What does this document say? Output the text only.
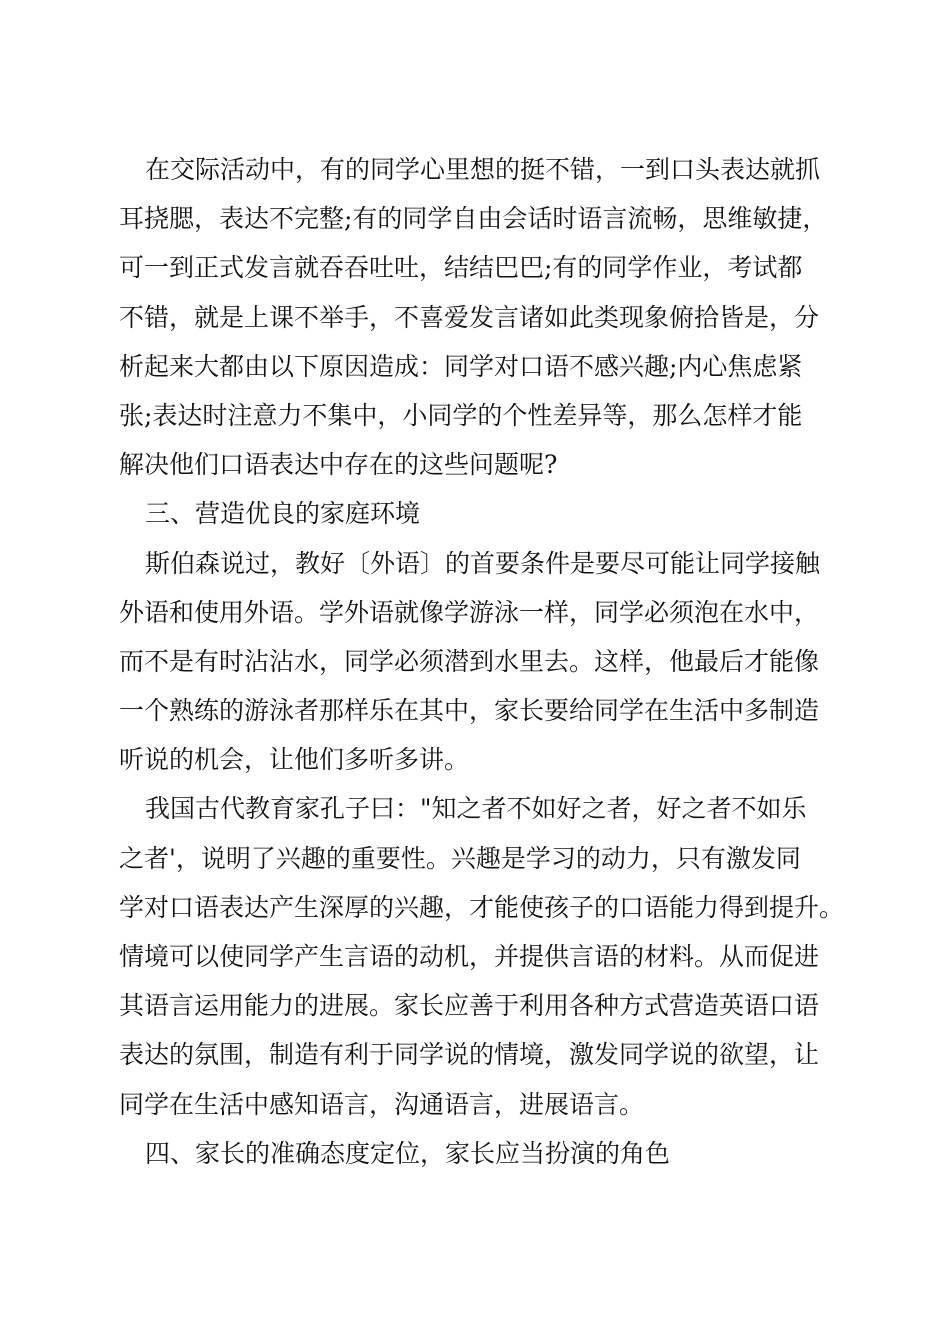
在交际活动中，有的同学心里想的挺不错，一到口头表达就抓
耳挠腮，表达不完整;有的同学自由会话时语言流畅，思维敏捷，
可一到正式发言就吞吞吐吐，结结巴巴;有的同学作业，考试都
不错，就是上课不举手，不喜爱发言诸如此类现象俯拾皆是，分
析起来大都由以下原因造成：同学对口语不感兴趣;内心焦虑紧
张;表达时注意力不集中，小同学的个性差异等，那么怎样才能
解决他们口语表达中存在的这些问题呢?
三、营造优良的家庭环境
斯伯森说过，教好〔外语〕的首要条件是要尽可能让同学接触
外语和使用外语。学外语就像学游泳一样，同学必须泡在水中，
而不是有时沾沾水，同学必须潜到水里去。这样，他最后才能像
一个熟练的游泳者那样乐在其中，家长要给同学在生活中多制造
听说的机会，让他们多听多讲。
我国古代教育家孔子曰："知之者不如好之者，好之者不如乐
之者'，说明了兴趣的重要性。兴趣是学习的动力，只有激发同
学对口语表达产生深厚的兴趣，才能使孩子的口语能力得到提升。
情境可以使同学产生言语的动机，并提供言语的材料。从而促进
其语言运用能力的进展。家长应善于利用各种方式营造英语口语
表达的氛围，制造有利于同学说的情境，激发同学说的欲望，让
同学在生活中感知语言，沟通语言，进展语言。
四、家长的准确态度定位，家长应当扮演的角色
